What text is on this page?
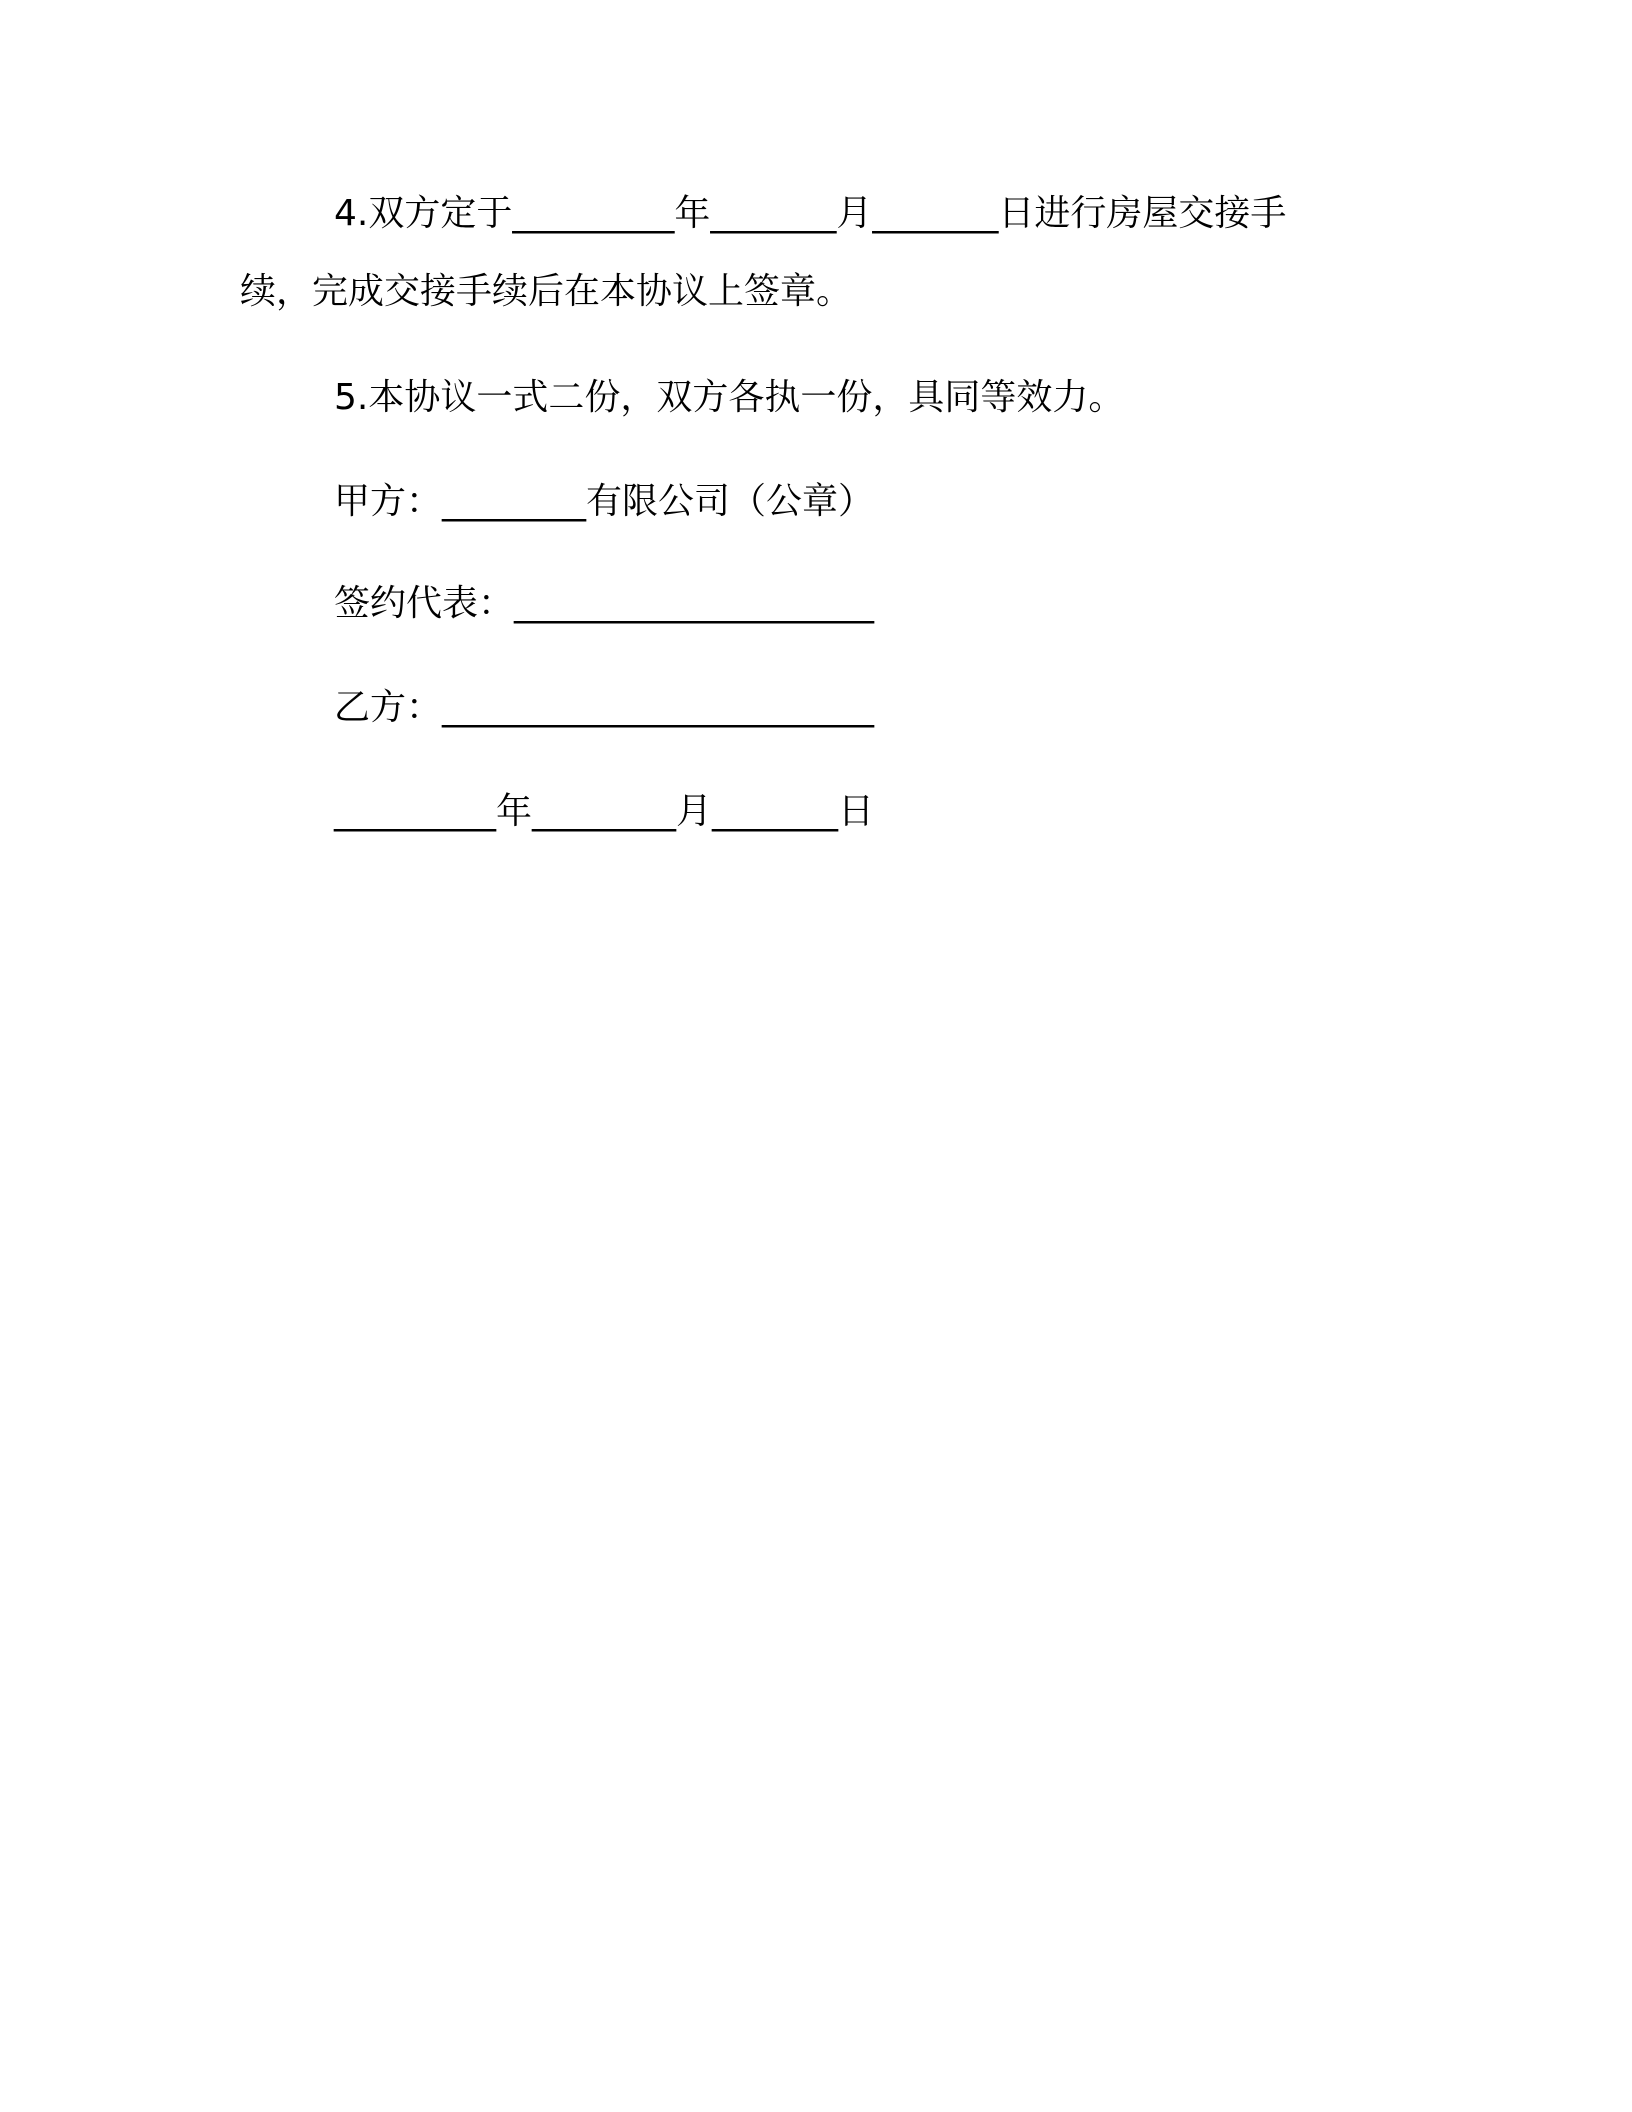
4.双方定于_________年_______月_______日进行房屋交接手
续，完成交接手续后在本协议上签章。
5.本协议一式二份，双方各执一份，具同等效力。
甲方：________有限公司（公章）
签约代表：____________________
乙方：________________________
_________年________月_______日
